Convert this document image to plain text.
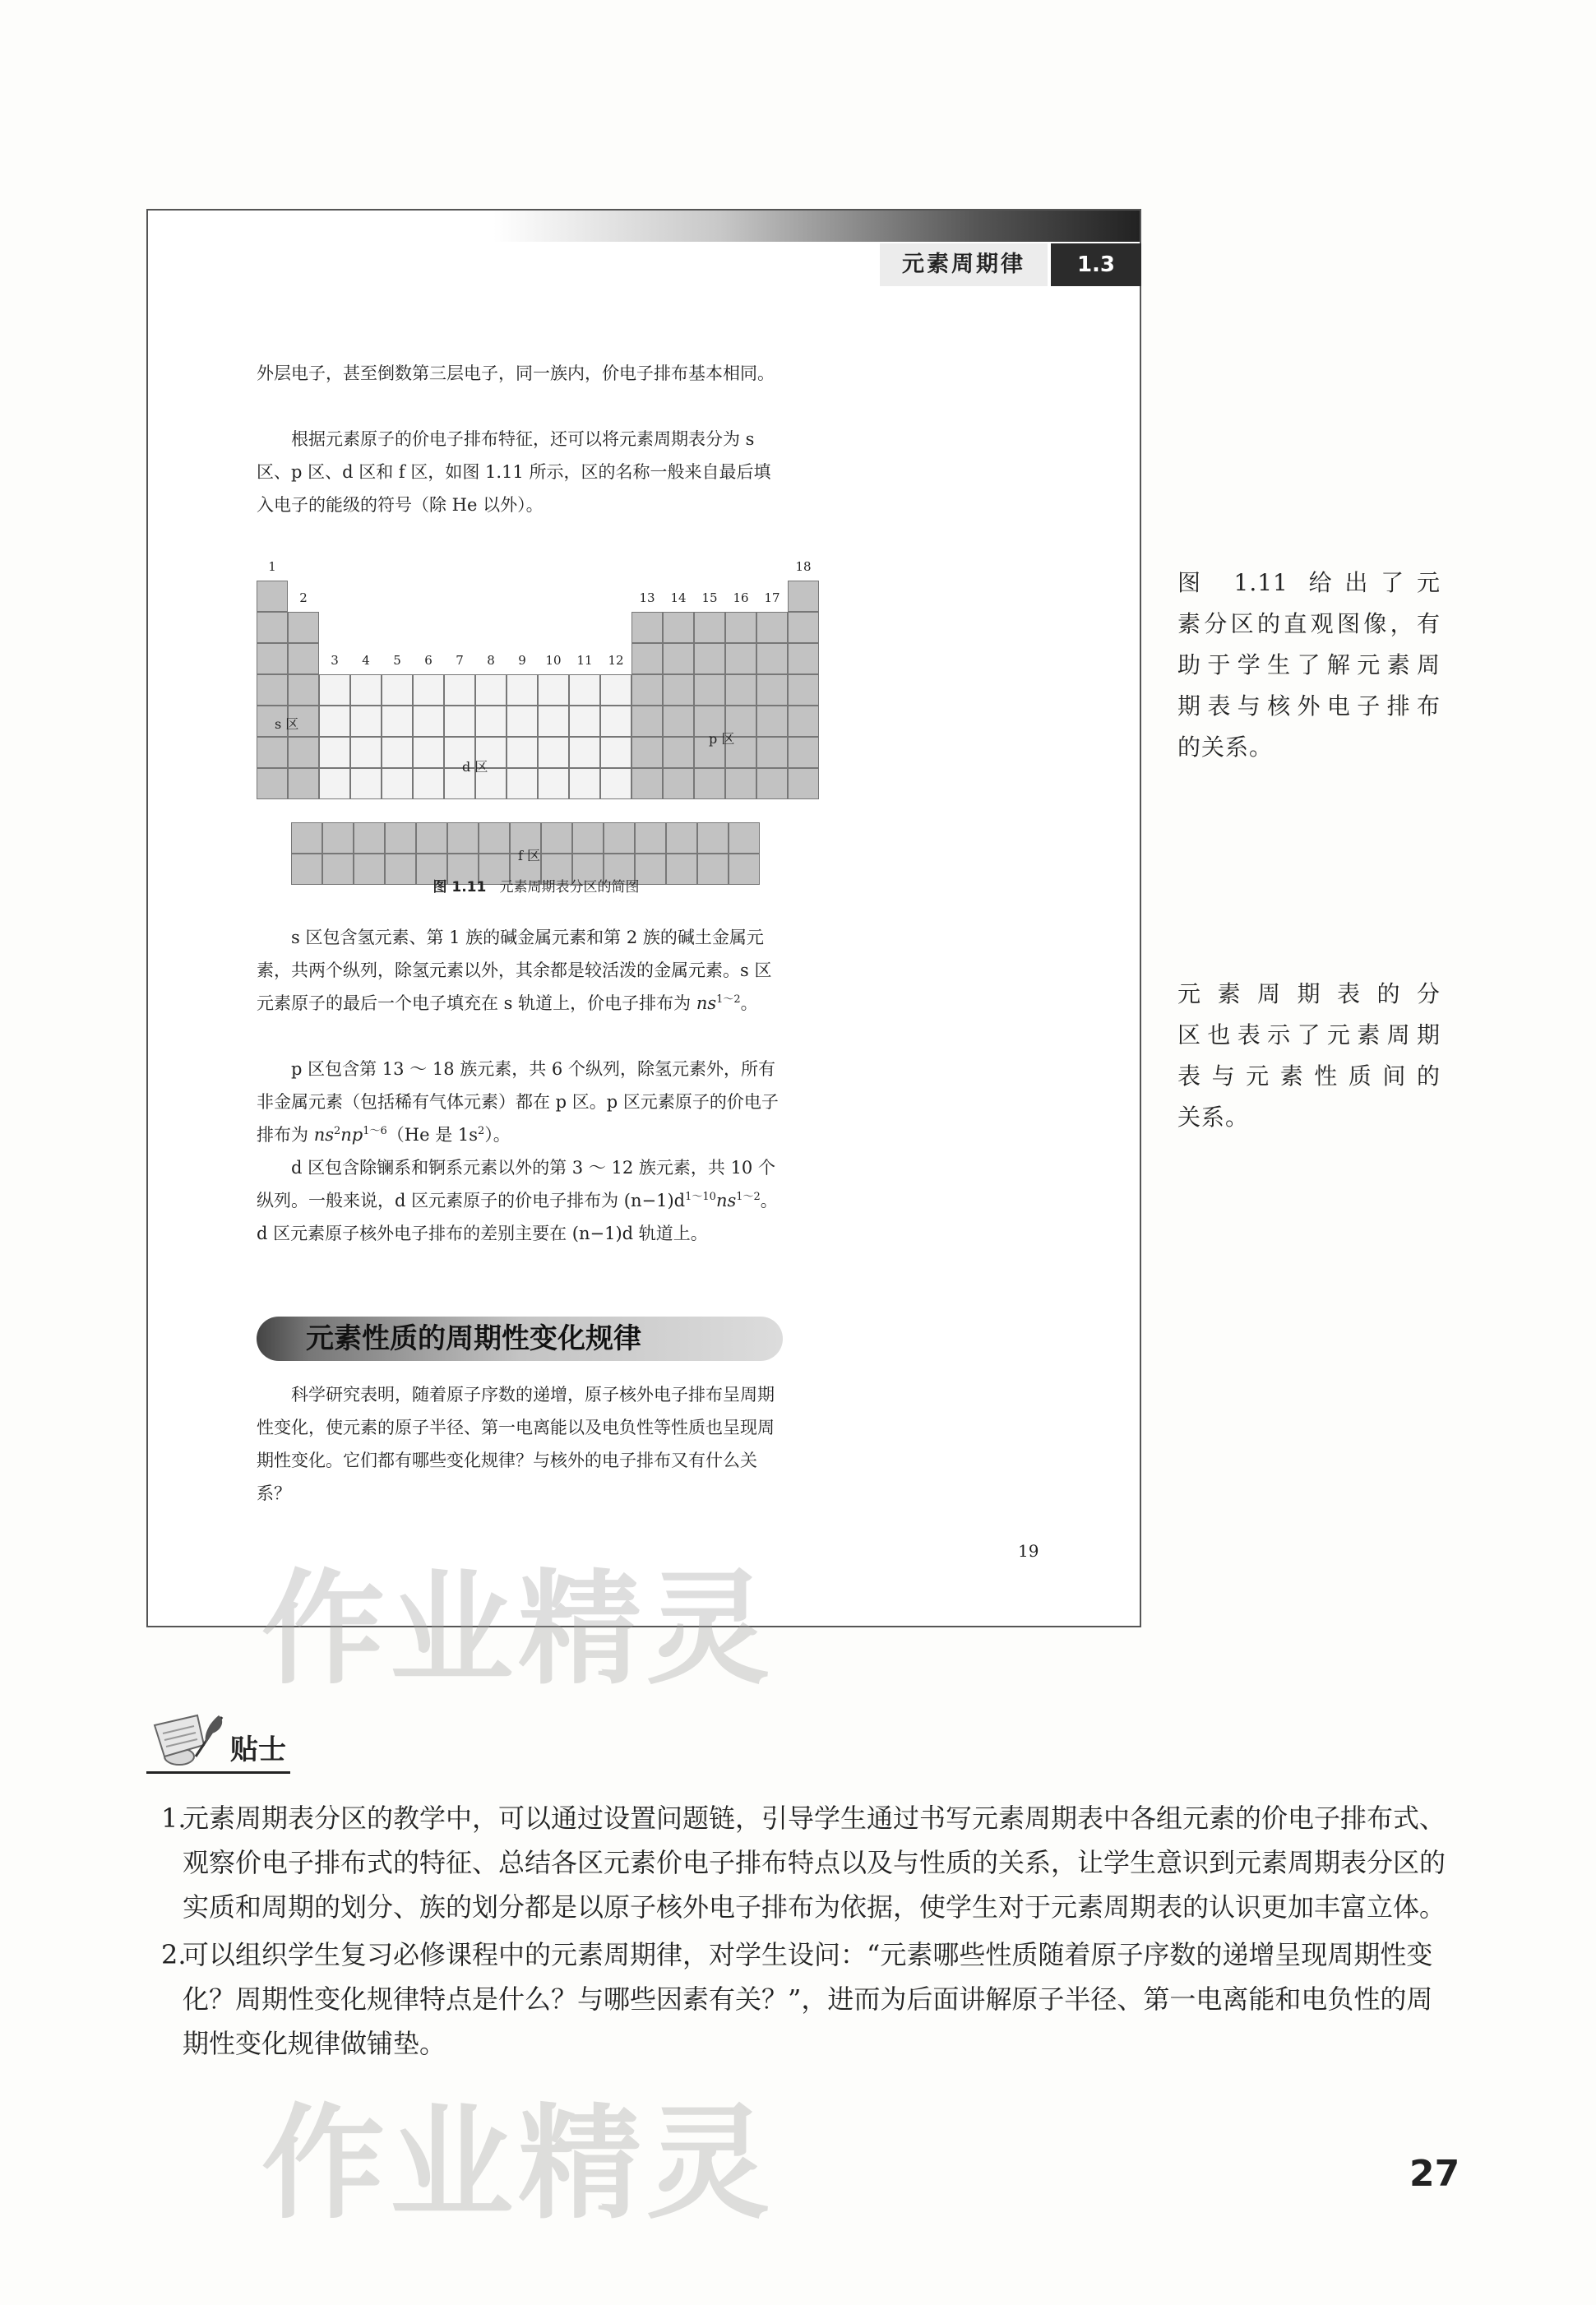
元素周期律	1.3

外层电子，甚至倒数第三层电子，同一族内，价电子排布基本相同。

根据元素原子的价电子排布特征，还可以将元素周期表分为 s 区、p 区、d 区和 f 区，如图 1.11 所示，区的名称一般来自最后填入电子的能级的符号（除 He 以外）。

1
2
3	4	5	6	7	8	9	10	11	12
13	14	15	16	17
18
s 区
d 区
p 区
f 区
图 1.11 元素周期表分区的简图

s 区包含氢元素、第 1 族的碱金属元素和第 2 族的碱土金属元素，共两个纵列，除氢元素以外，其余都是较活泼的金属元素。s 区元素原子的最后一个电子填充在 s 轨道上，价电子排布为 $ns^{1\sim 2}$。

p 区包含第 13 ～ 18 族元素，共 6 个纵列，除氢元素外，所有非金属元素（包括稀有气体元素）都在 p 区。p 区元素原子的价电子排布为 $ns^2np^{1\sim 6}(He$ 是 $1s^2$）。

d 区包含除镧系和锕系元素以外的第 3 ～ 12 族元素，共 10 个纵列。一般来说，d 区元素原子的价电子排布为 $(n-1)d^{1\sim 10}ns^{1\sim 2}$。d 区元素原子核外电子排布的差别主要在 (n−1)d 轨道上。

元素性质的周期性变化规律

科学研究表明，随着原子序数的递增，原子核外电子排布呈周期性变化，使元素的原子半径、第一电离能以及电负性等性质也呈现周期性变化。它们都有哪些变化规律？与核外的电子排布又有什么关系？

19

图 1.11 给出了元

素分区的直观图像，有

助于学生了解元素周

期表与核外电子排布

的关系。

元素周期表的分

区也表示了元素周期

表与元素性质间的

关系。

作业精灵
作业精灵
贴士
1.
元素周期表分区的教学中，可以通过设置问题链，引导学生通过书写元素周期表中各组元素的价电子排布式、观察价电子排布式的特征、总结各区元素价电子排布特点以及与性质的关系，让学生意识到元素周期表分区的实质和周期的划分、族的划分都是以原子核外电子排布为依据，使学生对于元素周期表的认识更加丰富立体。
2.
可以组织学生复习必修课程中的元素周期律，对学生设问：“元素哪些性质随着原子序数的递增呈现周期性变化？周期性变化规律特点是什么？与哪些因素有关？”，进而为后面讲解原子半径、第一电离能和电负性的周期性变化规律做铺垫。
27
